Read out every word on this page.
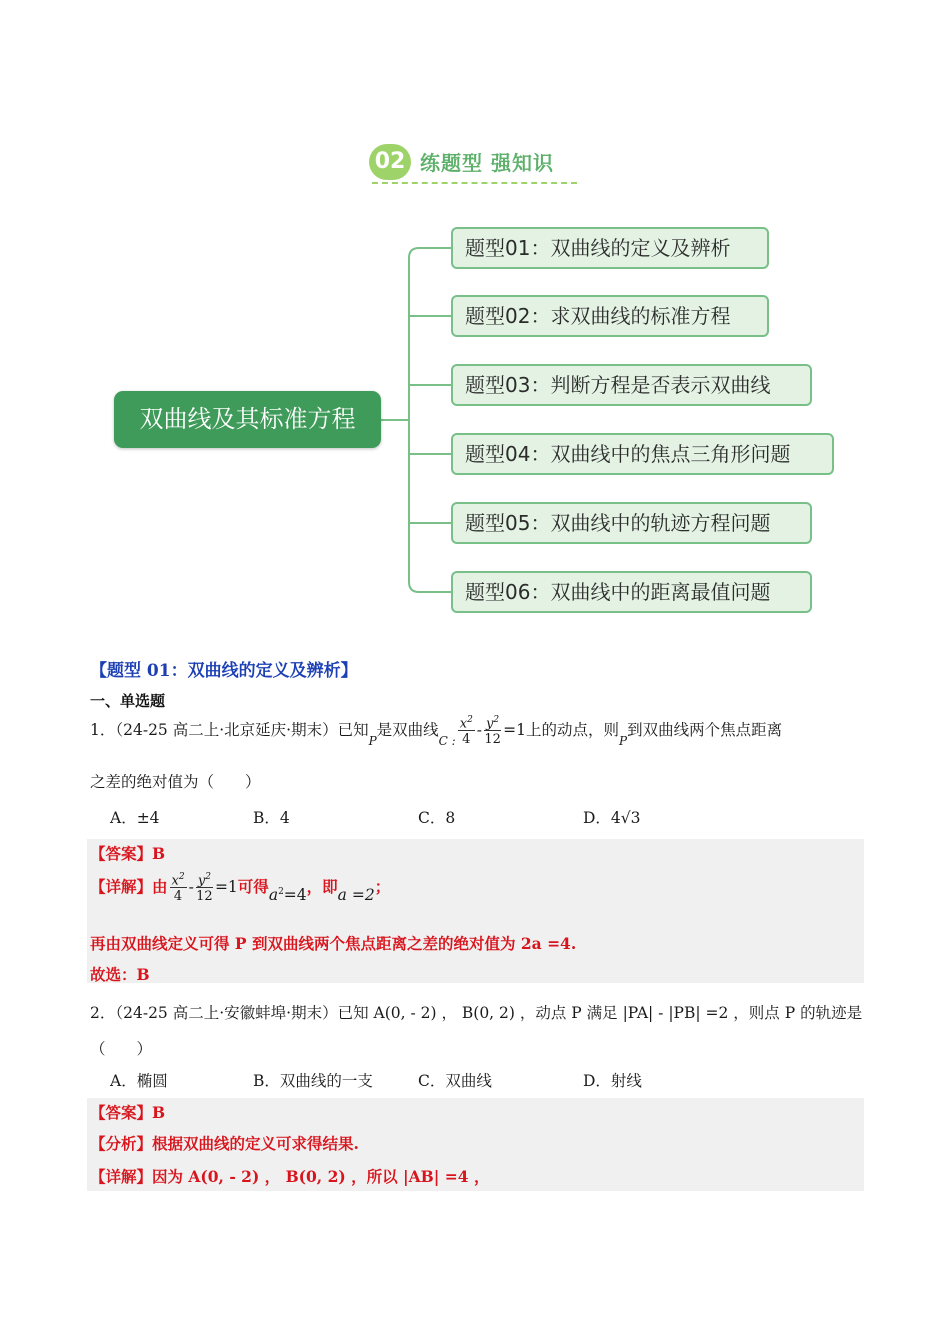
02 练题型 强知识
双曲线及其标准方程
题型01：双曲线的定义及辨析
题型02：求双曲线的标准方程
题型03：判断方程是否表示双曲线
题型04：双曲线中的焦点三角形问题
题型05：双曲线中的轨迹方程问题
题型06：双曲线中的距离最值问题
【题型 01：双曲线的定义及辨析】
一、单选题
1．（24-25 高二上·北京延庆·期末）已知$_P$是双曲线$_{C :} \frac{x^2}{4} - \frac{y^2}{12} =1$上的动点，则$_P$到双曲线两个焦点距离
之差的绝对值为（　　）
A．±4	B．4	C．8	D．4√3
【答案】B
【详解】由 $\frac{x^2}{4} - \frac{y^2}{12} =1$可得$a^2=4$，即a =2；
再由双曲线定义可得 P 到双曲线两个焦点距离之差的绝对值为 2a =4.
故选：B
2．（24-25 高二上·安徽蚌埠·期末）已知 A(0, - 2) ， B(0, 2) ，动点 P 满足 |PA| - |PB| =2 ，则点 P 的轨迹是
（　　）
A．椭圆	B．双曲线的一支	C．双曲线	D．射线
【答案】B
【分析】根据双曲线的定义可求得结果.
【详解】因为 A(0, - 2) ， B(0, 2) ，所以 |AB| =4 ，
